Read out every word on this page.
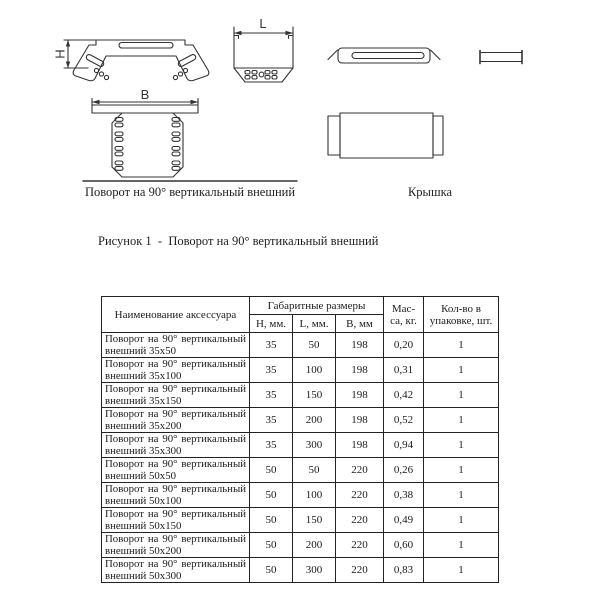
H
L
B
Поворот на 90° вертикальный внешний	Крышка
Рисунок 1  -  Поворот на 90° вертикальный внешний
Наименование аксессуара	Габаритные размеры			Мас-са, кг.	Кол-во в упаковке, шт.
	Н, мм.	L, мм.	В, мм		
Поворот на 90° вертикальный внешний 35x50	35	50	198	0,20	1
Поворот на 90° вертикальный внешний 35x100	35	100	198	0,31	1
Поворот на 90° вертикальный внешний 35x150	35	150	198	0,42	1
Поворот на 90° вертикальный внешний 35x200	35	200	198	0,52	1
Поворот на 90° вертикальный внешний 35x300	35	300	198	0,94	1
Поворот на 90° вертикальный внешний 50x50	50	50	220	0,26	1
Поворот на 90° вертикальный внешний 50x100	50	100	220	0,38	1
Поворот на 90° вертикальный внешний 50x150	50	150	220	0,49	1
Поворот на 90° вертикальный внешний 50x200	50	200	220	0,60	1
Поворот на 90° вертикальный внешний 50x300	50	300	220	0,83	1
